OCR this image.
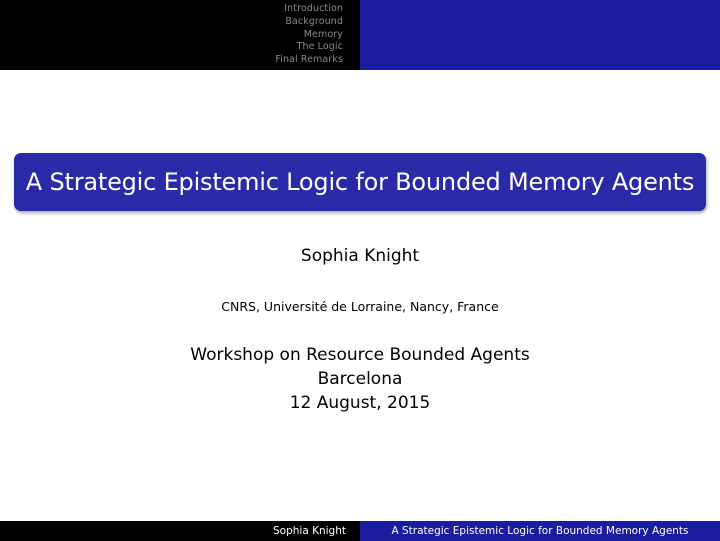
Introduction
Background
Memory
The Logic
Final Remarks
A Strategic Epistemic Logic for Bounded Memory Agents
Sophia Knight
CNRS, Université de Lorraine, Nancy, France
Workshop on Resource Bounded Agents
Barcelona
12 August, 2015
Sophia Knight	A Strategic Epistemic Logic for Bounded Memory Agents
